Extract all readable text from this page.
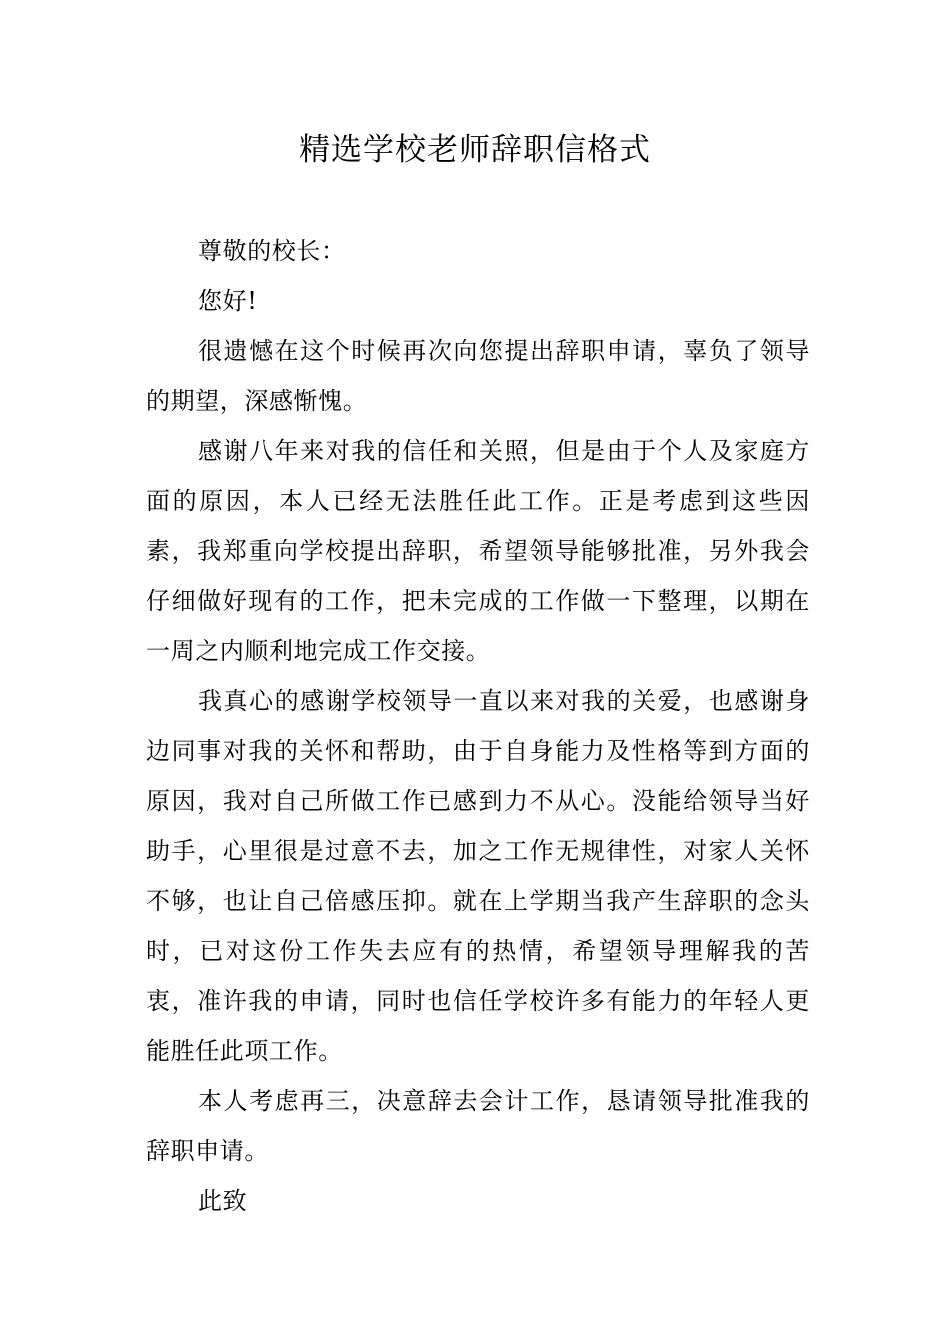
精选学校老师辞职信格式

尊敬的校长：

您好!

很遗憾在这个时候再次向您提出辞职申请，辜负了领导的期望，深感惭愧。

感谢八年来对我的信任和关照，但是由于个人及家庭方面的原因，本人已经无法胜任此工作。正是考虑到这些因素，我郑重向学校提出辞职，希望领导能够批准，另外我会仔细做好现有的工作，把未完成的工作做一下整理，以期在一周之内顺利地完成工作交接。

我真心的感谢学校领导一直以来对我的关爱，也感谢身边同事对我的关怀和帮助，由于自身能力及性格等到方面的原因，我对自己所做工作已感到力不从心。没能给领导当好助手，心里很是过意不去，加之工作无规律性，对家人关怀不够，也让自己倍感压抑。就在上学期当我产生辞职的念头时，已对这份工作失去应有的热情，希望领导理解我的苦衷，准许我的申请，同时也信任学校许多有能力的年轻人更能胜任此项工作。

本人考虑再三，决意辞去会计工作，恳请领导批准我的辞职申请。

此致
